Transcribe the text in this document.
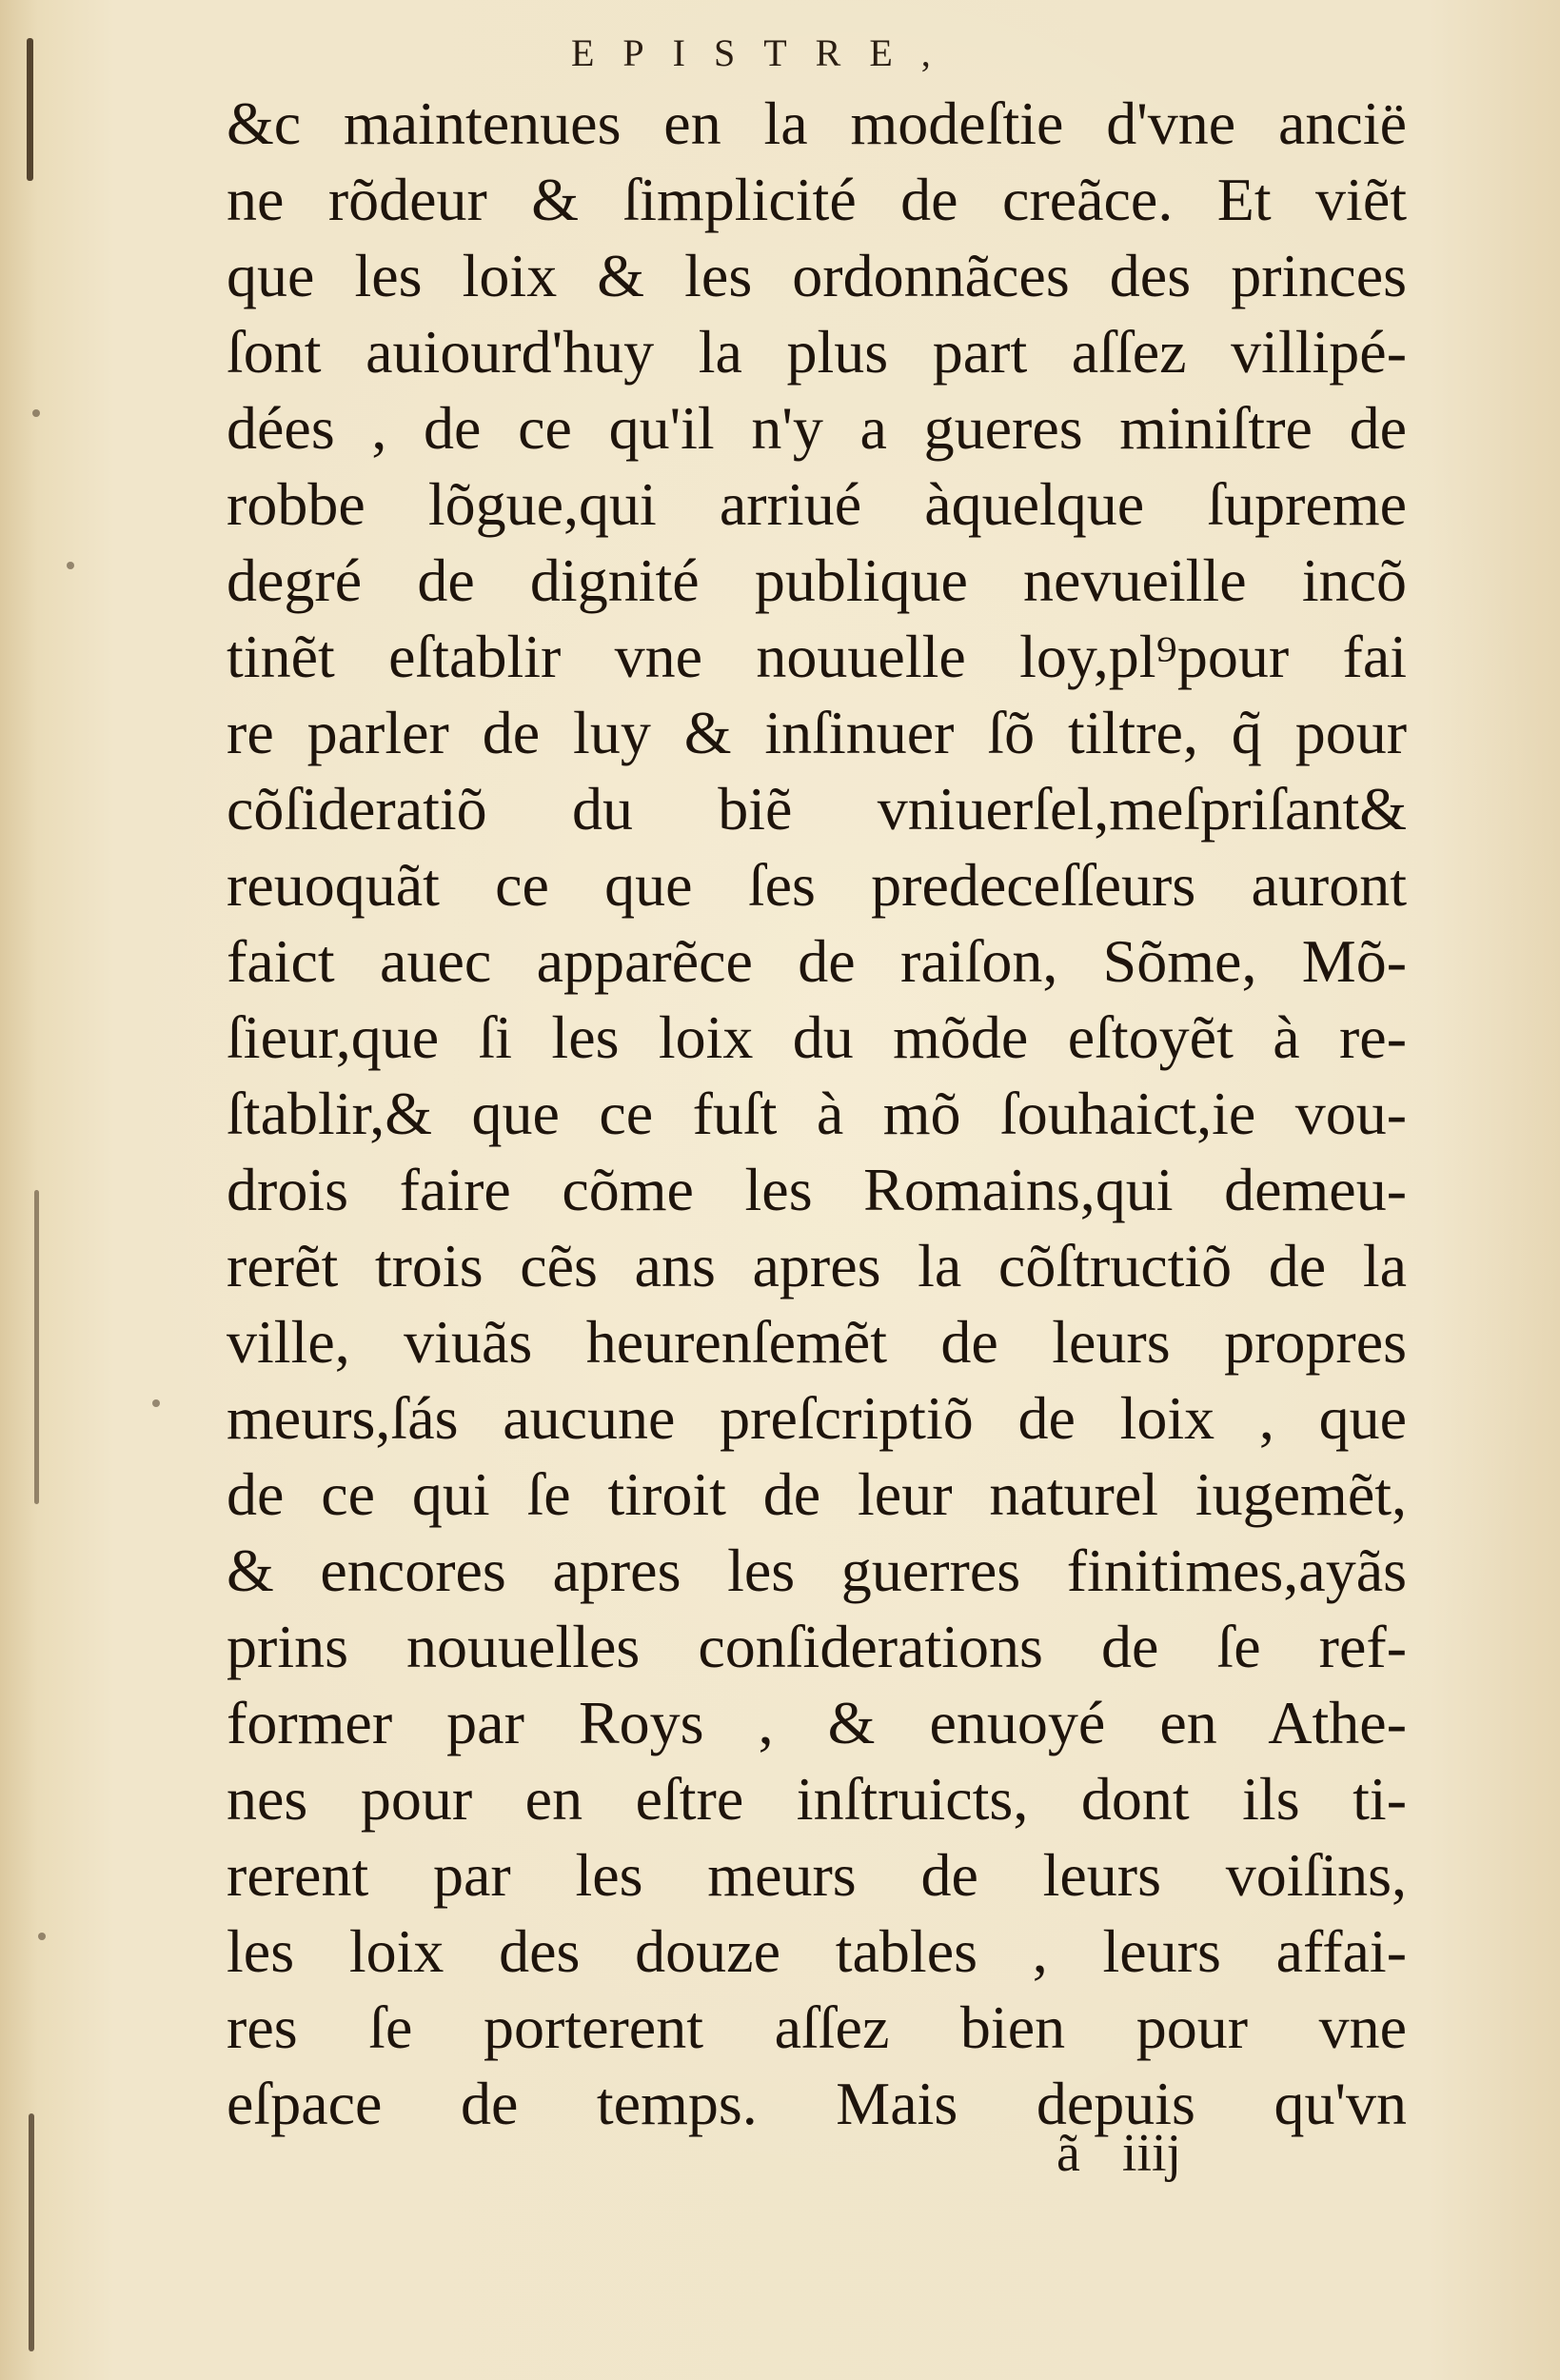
EPISTRE,
&c maintenues en la modeſtie d'vne ancië
ne rõdeur & ſimplicité de creãce. Et viẽt
que les loix & les ordonnãces des princes
ſont auiourd'huy la plus part aſſez villipé-
dées , de ce qu'il n'y a gueres miniſtre de
robbe lõgue,qui arriué àquelque ſupreme
degré de dignité publique nevueille incõ
tinẽt eſtablir vne nouuelle loy,pl⁹pour fai
re parler de luy & inſinuer ſõ tiltre, q̃ pour
cõſideratiõ du biẽ vniuerſel,meſpriſant&
reuoquãt ce que ſes predeceſſeurs auront
faict auec apparẽce de raiſon, Sõme, Mõ-
ſieur,que ſi les loix du mõde eſtoyẽt à re-
ſtablir,& que ce fuſt à mõ ſouhaict,ie vou-
drois faire cõme les Romains,qui demeu-
rerẽt trois cẽs ans apres la cõſtructiõ de la
ville, viuãs heurenſemẽt de leurs propres
meurs,ſás aucune preſcriptiõ de loix , que
de ce qui ſe tiroit de leur naturel iugemẽt,
& encores apres les guerres finitimes,ayãs
prins nouuelles conſiderations de ſe ref-
former par Roys , & enuoyé en Athe-
nes pour en eſtre inſtruicts, dont ils ti-
rerent par les meurs de leurs voiſins,
les loix des douze tables , leurs affai-
res ſe porterent aſſez bien pour vne
eſpace de temps. Mais depuis qu'vn
ã iiij
